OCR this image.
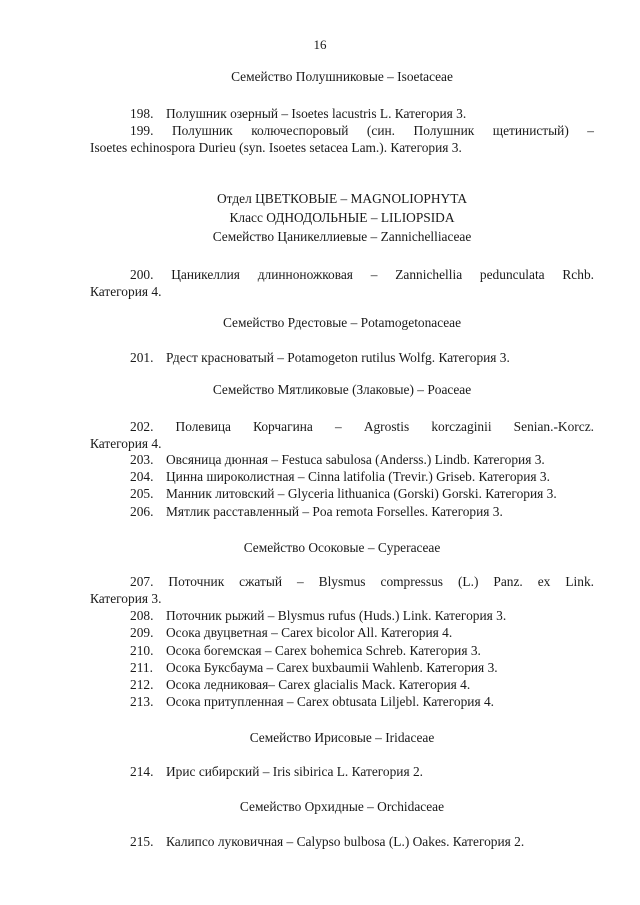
16
Семейство Полушниковые – Isoetaceae
198. Полушник озерный – Isoetes lacustris L. Категория 3.
199. Полушник колючеспоровый (син. Полушник щетинистый) –
Isoetes echinospora Durieu (syn. Isoetes setacea Lam.). Категория 3.
Отдел ЦВЕТКОВЫЕ – MAGNOLIOPHYTA
Класс ОДНОДОЛЬНЫЕ – LILIOPSIDA
Семейство Цаникеллиевые – Zannichelliaceae
200. Цаникеллия длинноножковая – Zannichellia pedunculata Rchb.
Категория 4.
Семейство Рдестовые – Potamogetonaceae
201. Рдест красноватый – Potamogeton rutilus Wolfg. Категория 3.
Семейство Мятликовые (Злаковые) – Poaceae
202. Полевица Корчагина – Agrostis korczaginii Senian.-Korcz.
Категория 4.
203. Овсяница дюнная – Festuca sabulosa (Anderss.) Lindb. Категория 3.
204. Цинна широколистная – Cinna latifolia (Trevir.) Griseb. Категория 3.
205. Манник литовский – Glyceria lithuanica (Gorski) Gorski. Категория 3.
206. Мятлик расставленный – Poa remota Forselles. Категория 3.
Семейство Осоковые – Cyperaceae
207. Поточник сжатый – Blysmus compressus (L.) Panz. ex Link.
Категория 3.
208. Поточник рыжий – Blysmus rufus (Huds.) Link. Категория 3.
209. Осока двуцветная – Carex bicolor All. Категория 4.
210. Осока богемская – Carex bohemica Schreb. Категория 3.
211. Осока Буксбаума – Carex buxbaumii Wahlenb. Категория 3.
212. Осока ледниковая– Carex glacialis Mack. Категория 4.
213. Осока притупленная – Carex obtusata Liljebl. Категория 4.
Семейство Ирисовые – Iridaceae
214. Ирис сибирский – Iris sibirica L. Категория 2.
Семейство Орхидные – Orchidaceae
215. Калипсо луковичная – Calypso bulbosa (L.) Oakes. Категория 2.
